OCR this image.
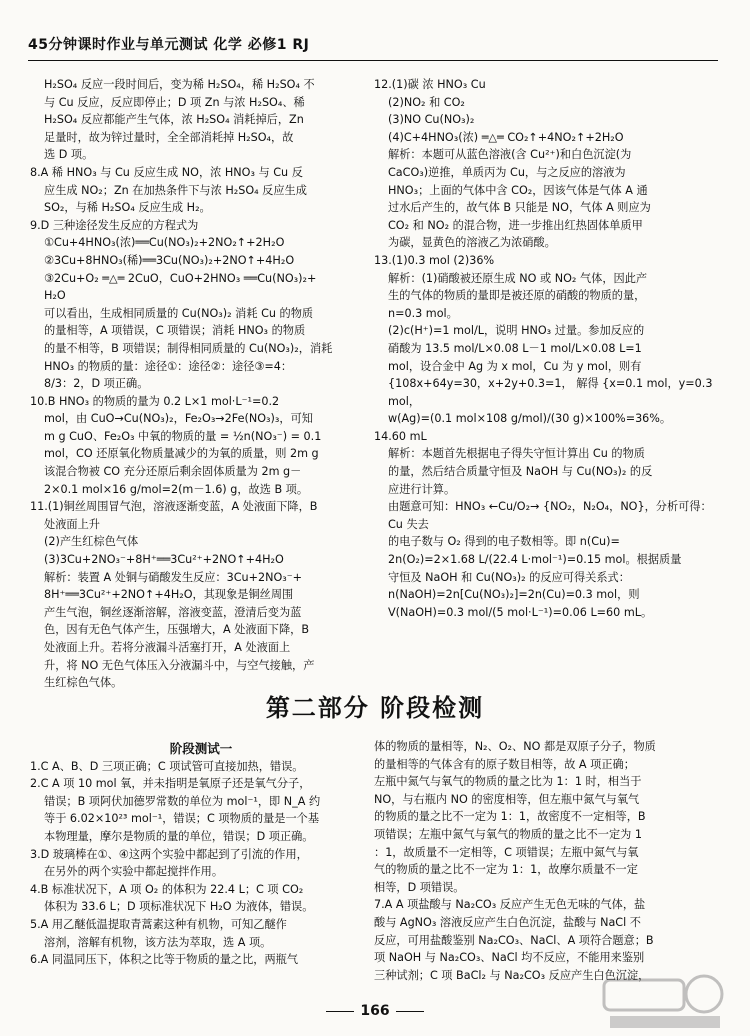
45分钟课时作业与单元测试 化学 必修1 RJ

H₂SO₄ 反应一段时间后，变为稀 H₂SO₄，稀 H₂SO₄ 不

与 Cu 反应，反应即停止；D 项 Zn 与浓 H₂SO₄、稀

H₂SO₄ 反应都能产生气体，浓 H₂SO₄ 消耗掉后，Zn

足量时，故为锌过量时，全全部消耗掉 H₂SO₄，故

选 D 项。

8.A 稀 HNO₃ 与 Cu 反应生成 NO，浓 HNO₃ 与 Cu 反

应生成 NO₂；Zn 在加热条件下与浓 H₂SO₄ 反应生成

SO₂，与稀 H₂SO₄ 反应生成 H₂。

9.D 三种途径发生反应的方程式为

①Cu+4HNO₃(浓)══Cu(NO₃)₂+2NO₂↑+2H₂O

②3Cu+8HNO₃(稀)══3Cu(NO₃)₂+2NO↑+4H₂O

③2Cu+O₂ ═△═ 2CuO，CuO+2HNO₃ ══Cu(NO₃)₂+

H₂O

可以看出，生成相同质量的 Cu(NO₃)₂ 消耗 Cu 的物质

的量相等，A 项错误，C 项错误；消耗 HNO₃ 的物质

的量不相等，B 项错误；制得相同质量的 Cu(NO₃)₂，消耗

HNO₃ 的物质的量：途径①：途径②：途径③=4：

8/3：2，D 项正确。

10.B HNO₃ 的物质的量为 0.2 L×1 mol·L⁻¹=0.2

mol，由 CuO→Cu(NO₃)₂，Fe₂O₃→2Fe(NO₃)₃，可知

m g CuO、Fe₂O₃ 中氧的物质的量 = ½n(NO₃⁻) = 0.1

mol，CO 还原氧化物质量减少的为氧的质量，则 2m g

该混合物被 CO 充分还原后剩余固体质量为 2m g－

2×0.1 mol×16 g/mol=2(m－1.6) g，故选 B 项。

11.(1)铜丝周围冒气泡，溶液逐渐变蓝，A 处液面下降，B

处液面上升

(2)产生红棕色气体

(3)3Cu+2NO₃⁻+8H⁺══3Cu²⁺+2NO↑+4H₂O

解析：装置 A 处铜与硝酸发生反应：3Cu+2NO₃⁻+

8H⁺══3Cu²⁺+2NO↑+4H₂O，其现象是铜丝周围

产生气泡，铜丝逐渐溶解，溶液变蓝，澄清后变为蓝

色，因有无色气体产生，压强增大，A 处液面下降，B

处液面上升。若将分液漏斗活塞打开，A 处液面上

升，将 NO 无色气体压入分液漏斗中，与空气接触，产

生红棕色气体。

12.(1)碳 浓 HNO₃ Cu

(2)NO₂ 和 CO₂

(3)NO Cu(NO₃)₂

(4)C+4HNO₃(浓) ═△═ CO₂↑+4NO₂↑+2H₂O

解析：本题可从蓝色溶液(含 Cu²⁺)和白色沉淀(为

CaCO₃)逆推，单质丙为 Cu，与之反应的溶液为

HNO₃；上面的气体中含 CO₂，因该气体是气体 A 通

过水后产生的，故气体 B 只能是 NO，气体 A 则应为

CO₂ 和 NO₂ 的混合物，进一步推出红热固体单质甲

为碳，显黄色的溶液乙为浓硝酸。

13.(1)0.3 mol (2)36%

解析：(1)硝酸被还原生成 NO 或 NO₂ 气体，因此产

生的气体的物质的量即是被还原的硝酸的物质的量，

n=0.3 mol。

(2)c(H⁺)=1 mol/L，说明 HNO₃ 过量。参加反应的

硝酸为 13.5 mol/L×0.08 L－1 mol/L×0.08 L=1

mol，设合金中 Ag 为 x mol，Cu 为 y mol，则有

{108x+64y=30，x+2y+0.3=1， 解得 {x=0.1 mol，y=0.3 mol，

w(Ag)=(0.1 mol×108 g/mol)/(30 g)×100%=36%。

14.60 mL

解析：本题首先根据电子得失守恒计算出 Cu 的物质

的量，然后结合质量守恒及 NaOH 与 Cu(NO₃)₂ 的反

应进行计算。

由题意可知：HNO₃ ←Cu/O₂→ {NO₂，N₂O₄，NO}，分析可得：Cu 失去

的电子数与 O₂ 得到的电子数相等。即 n(Cu)=

2n(O₂)=2×1.68 L/(22.4 L·mol⁻¹)=0.15 mol。根据质量

守恒及 NaOH 和 Cu(NO₃)₂ 的反应可得关系式：

n(NaOH)=2n[Cu(NO₃)₂]=2n(Cu)=0.3 mol，则

V(NaOH)=0.3 mol/(5 mol·L⁻¹)=0.06 L=60 mL。

第二部分 阶段检测

阶段测试一

1.C A、B、D 三项正确；C 项试管可直接加热，错误。

2.C A 项 10 mol 氧，并未指明是氧原子还是氧气分子，

错误；B 项阿伏加德罗常数的单位为 mol⁻¹，即 N_A 约

等于 6.02×10²³ mol⁻¹，错误；C 项物质的量是一个基

本物理量，摩尔是物质的量的单位，错误；D 项正确。

3.D 玻璃棒在①、④这两个实验中都起到了引流的作用，

在另外的两个实验中都起搅拌作用。

4.B 标准状况下，A 项 O₂ 的体积为 22.4 L；C 项 CO₂

体积为 33.6 L；D 项标准状况下 H₂O 为液体，错误。

5.A 用乙醚低温提取青蒿素这种有机物，可知乙醚作

溶剂，溶解有机物，该方法为萃取，选 A 项。

6.A 同温同压下，体积之比等于物质的量之比，两瓶气

体的物质的量相等，N₂、O₂、NO 都是双原子分子，物质

的量相等的气体含有的原子数目相等，故 A 项正确；

左瓶中氮气与氧气的物质的量之比为 1：1 时，相当于

NO，与右瓶内 NO 的密度相等，但左瓶中氮气与氧气

的物质的量之比不一定为 1：1，故密度不一定相等，B

项错误；左瓶中氮气与氧气的物质的量之比不一定为 1

：1，故质量不一定相等，C 项错误；左瓶中氮气与氧

气的物质的量之比不一定为 1：1，故摩尔质量不一定

相等，D 项错误。

7.A A 项盐酸与 Na₂CO₃ 反应产生无色无味的气体，盐

酸与 AgNO₃ 溶液反应产生白色沉淀，盐酸与 NaCl 不

反应，可用盐酸鉴别 Na₂CO₃、NaCl、A 项符合题意；B

项 NaOH 与 Na₂CO₃、NaCl 均不反应，不能用来鉴别

三种试剂；C 项 BaCl₂ 与 Na₂CO₃ 反应产生白色沉淀，

166
